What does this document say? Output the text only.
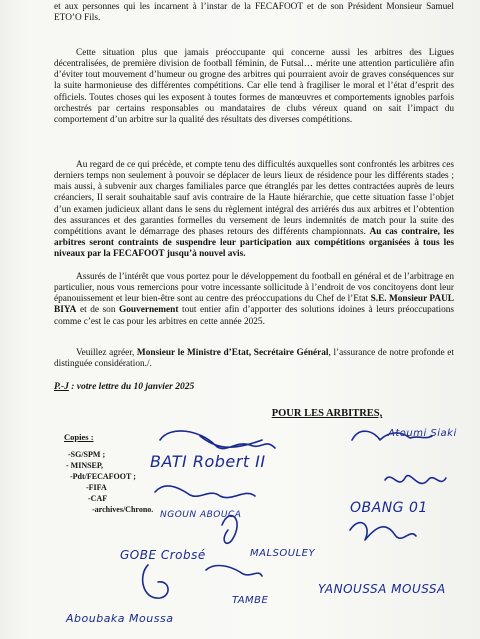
et aux personnes qui les incarnent à l’instar de la FECAFOOT et de son Président Monsieur Samuel ETO’O Fils.
Cette situation plus que jamais préoccupante qui concerne aussi les arbitres des Ligues décentralisées, de première division de football féminin, de Futsal… mérite une attention particulière afin d’éviter tout mouvement d’humeur ou grogne des arbitres qui pourraient avoir de graves conséquences sur la suite harmonieuse des différentes compétitions. Car elle tend à fragiliser le moral et l’état d’esprit des officiels. Toutes choses qui les exposent à toutes formes de manœuvres et comportements ignobles parfois orchestrés par certains responsables ou mandataires de clubs véreux quand on sait l’impact du comportement d’un arbitre sur la qualité des résultats des diverses compétitions.
Au regard de ce qui précède, et compte tenu des difficultés auxquelles sont confrontés les arbitres ces derniers temps non seulement à pouvoir se déplacer de leurs lieux de résidence pour les différents stades ; mais aussi, à subvenir aux charges familiales parce que étranglés par les dettes contractées auprès de leurs créanciers, Il serait souhaitable sauf avis contraire de la Haute hiérarchie, que cette situation fasse l’objet d’un examen judicieux allant dans le sens du règlement intégral des arriérés dus aux arbitres et l’obtention des assurances et des garanties formelles du versement de leurs indemnités de match pour la suite des compétitions avant le démarrage des phases retours des différents championnats. Au cas contraire, les arbitres seront contraints de suspendre leur participation aux compétitions organisées à tous les niveaux par la FECAFOOT jusqu’à nouvel avis.
Assurés de l’intérêt que vous portez pour le développement du football en général et de l’arbitrage en particulier, nous vous remercions pour votre incessante sollicitude à l’endroit de vos concitoyens dont leur épanouissement et leur bien-être sont au centre des préoccupations du Chef de l’Etat S.E. Monsieur PAUL BIYA et de son Gouvernement tout entier afin d’apporter des solutions idoines à leurs préoccupations comme c’est le cas pour les arbitres en cette année 2025.
Veuillez agréer, Monsieur le Ministre d’Etat, Secrétaire Général, l’assurance de notre profonde et distinguée considération./.
P.-J : votre lettre du 10 janvier 2025
POUR LES ARBITRES,
Copies :
-SG/SPM ;
- MINSEP,
-Pdt/FECAFOOT ;
-FIFA
-CAF
-archives/Chrono.
BATI Robert II
Atoumi Siaki
NGOUN ABOUCA	OBANG 01
GOBE Crobsé	MALSOULEY
TAMBE
YANOUSSA MOUSSA
Aboubaka Moussa
